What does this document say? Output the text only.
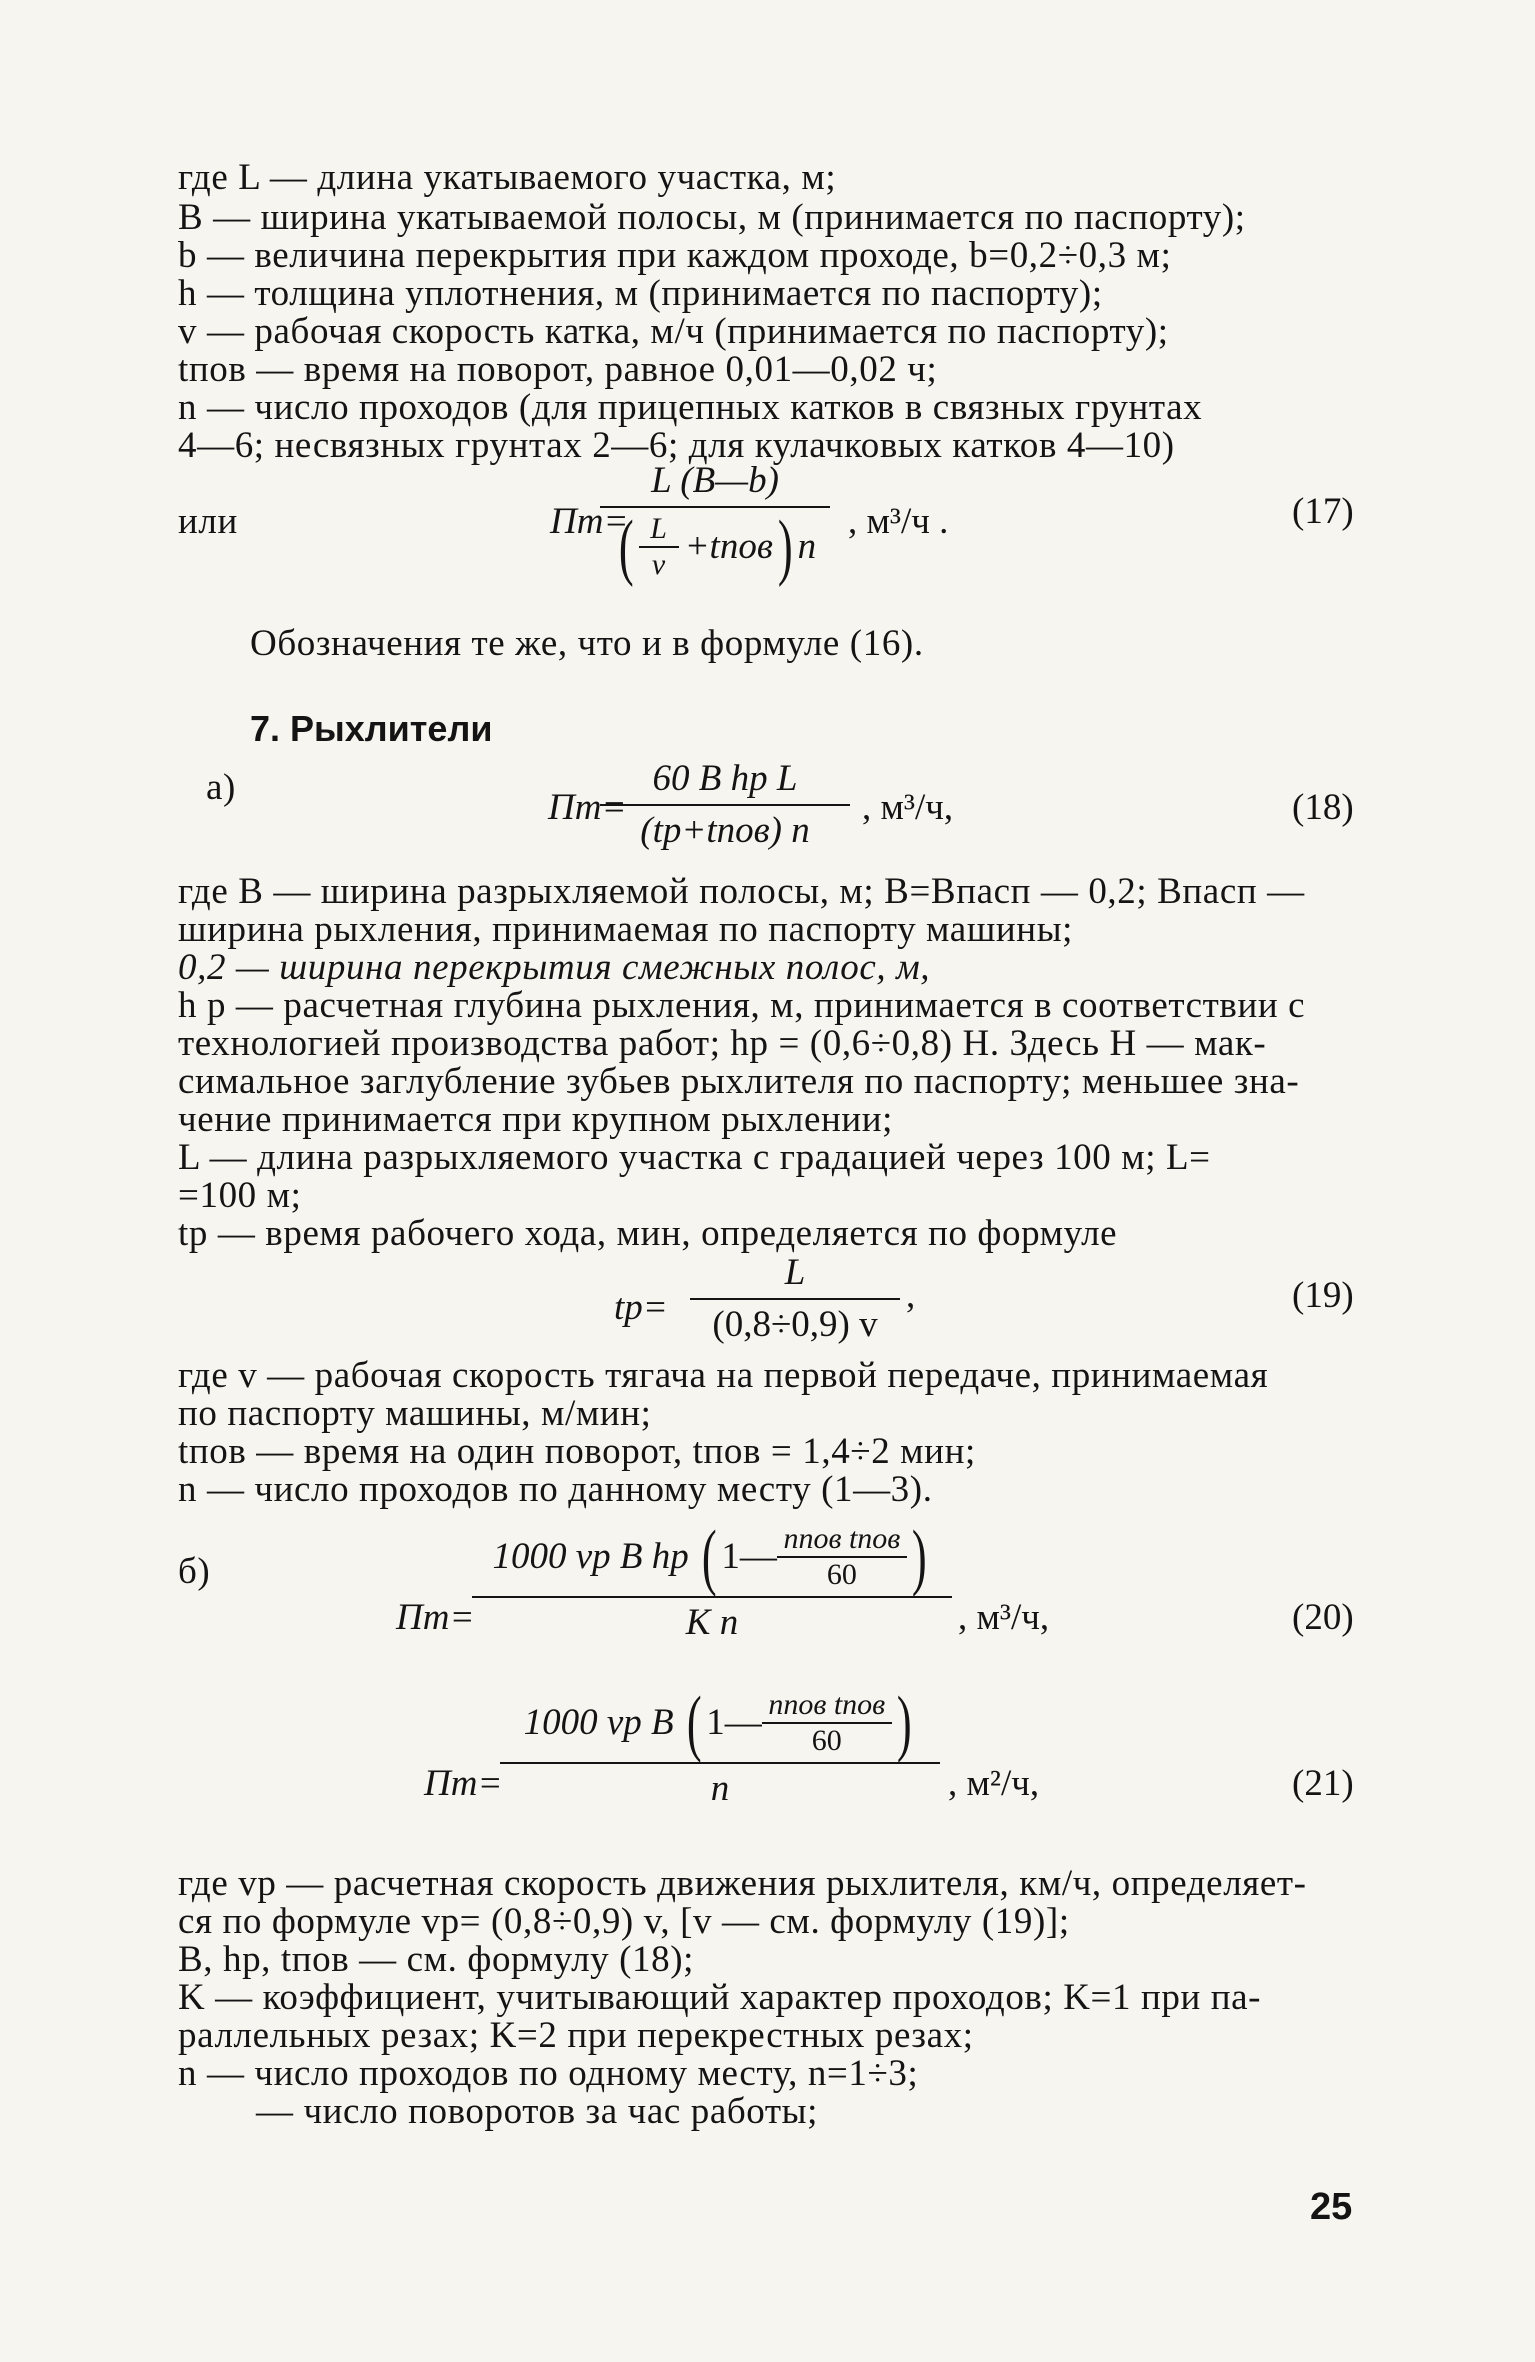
где L — длина укатываемого участка, м;
B — ширина укатываемой полосы, м (принимается по паспорту);
b — величина перекрытия при каждом проходе, b=0,2÷0,3 м;
h — толщина уплотнения, м (принимается по паспорту);
v — рабочая скорость катка, м/ч (принимается по паспорту);
tпов — время на поворот, равное 0,01—0,02 ч;
n — число проходов (для прицепных катков в связных грунтах
4—6; несвязных грунтах 2—6; для кулачковых катков 4—10)
или	Пт=
L (B—b)
( L
v +tпов ) n
, м³/ч .	(17)
Обозначения те же, что и в формуле (16).
7. Рыхлители
а)	Пт=
60 B hp L
(tp+tпов) n
, м³/ч,	(18)
где B — ширина разрыхляемой полосы, м; B=Bпасп — 0,2; Bпасп —
ширина рыхления, принимаемая по паспорту машины;
0,2 — ширина перекрытия смежных полос, м,
h р — расчетная глубина рыхления, м, принимается в соответствии с
технологией производства работ; hр = (0,6÷0,8) H. Здесь H — мак-
симальное заглубление зубьев рыхлителя по паспорту; меньшее зна-
чение принимается при крупном рыхлении;
L — длина разрыхляемого участка с градацией через 100 м; L=
=100 м;
tр — время рабочего хода, мин, определяется по формуле
tр=
L
(0,8÷0,9) v
,	(19)
где v — рабочая скорость тягача на первой передаче, принимаемая
по паспорту машины, м/мин;
tпов — время на один поворот, tпов = 1,4÷2 мин;
n — число проходов по данному месту (1—3).
б)
Пт=
1000 vр B hр ( 1— nпов tпов
60 )
K n	, м³/ч,	(20)
Пт=
1000 vр B ( 1— nпов tпов
60 )
n	, м²/ч,	(21)
где vр — расчетная скорость движения рыхлителя, км/ч, определяет-
ся по формуле vр= (0,8÷0,9) v, [v — см. формулу (19)];
B, hр, tпов — см. формулу (18);
K — коэффициент, учитывающий характер проходов; K=1 при па-
раллельных резах; K=2 при перекрестных резах;
n — число проходов по одному месту, n=1÷3;
— число поворотов за час работы;
25
